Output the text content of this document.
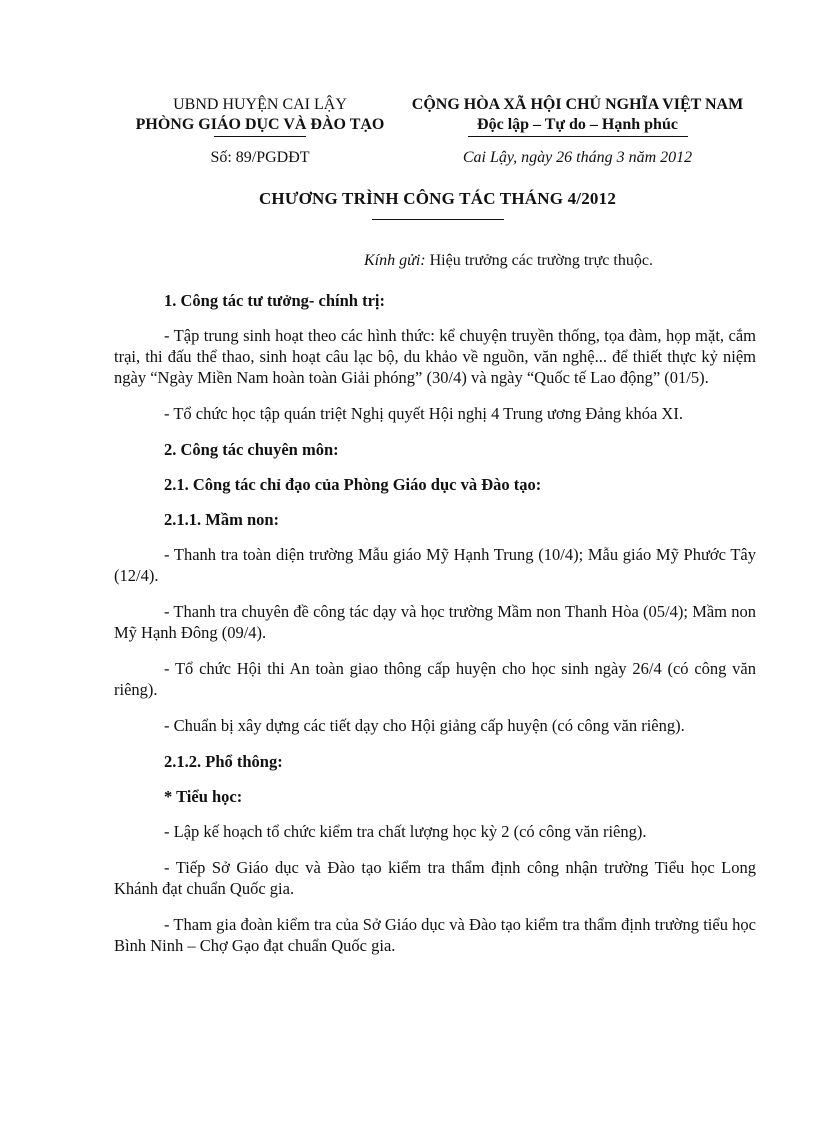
UBND HUYỆN CAI LẬY
PHÒNG GIÁO DỤC VÀ ĐÀO TẠO
CỘNG HÒA XÃ HỘI CHỦ NGHĨA VIỆT NAM
Độc lập – Tự do – Hạnh phúc
Số: 89/PGDĐT	Cai Lậy, ngày 26 tháng 3 năm 2012
CHƯƠNG TRÌNH CÔNG TÁC THÁNG 4/2012
Kính gửi: Hiệu trưởng các trường trực thuộc.

1. Công tác tư tưởng- chính trị:

- Tập trung sinh hoạt theo các hình thức: kể chuyện truyền thống, tọa đàm, họp mặt, cắm trại, thi đấu thể thao, sinh hoạt câu lạc bộ, du khảo về nguồn, văn nghệ... để thiết thực kỷ niệm ngày “Ngày Miền Nam hoàn toàn Giải phóng” (30/4) và ngày “Quốc tế Lao động” (01/5).

- Tổ chức học tập quán triệt Nghị quyết Hội nghị 4 Trung ương Đảng khóa XI.

2. Công tác chuyên môn:

2.1. Công tác chỉ đạo của Phòng Giáo dục và Đào tạo:

2.1.1. Mầm non:

- Thanh tra toàn diện trường Mẫu giáo Mỹ Hạnh Trung (10/4); Mẫu giáo Mỹ Phước Tây (12/4).

- Thanh tra chuyên đề công tác dạy và học trường Mầm non Thanh Hòa (05/4); Mầm non Mỹ Hạnh Đông (09/4).

- Tổ chức Hội thi An toàn giao thông cấp huyện cho học sinh ngày 26/4 (có công văn riêng).

- Chuẩn bị xây dựng các tiết dạy cho Hội giảng cấp huyện (có công văn riêng).

2.1.2. Phổ thông:

* Tiểu học:

- Lập kế hoạch tổ chức kiểm tra chất lượng học kỳ 2 (có công văn riêng).

- Tiếp Sở Giáo dục và Đào tạo kiểm tra thẩm định công nhận trường Tiểu học Long Khánh đạt chuẩn Quốc gia.

- Tham gia đoàn kiểm tra của Sở Giáo dục và Đào tạo kiểm tra thẩm định trường tiểu học Bình Ninh – Chợ Gạo đạt chuẩn Quốc gia.
